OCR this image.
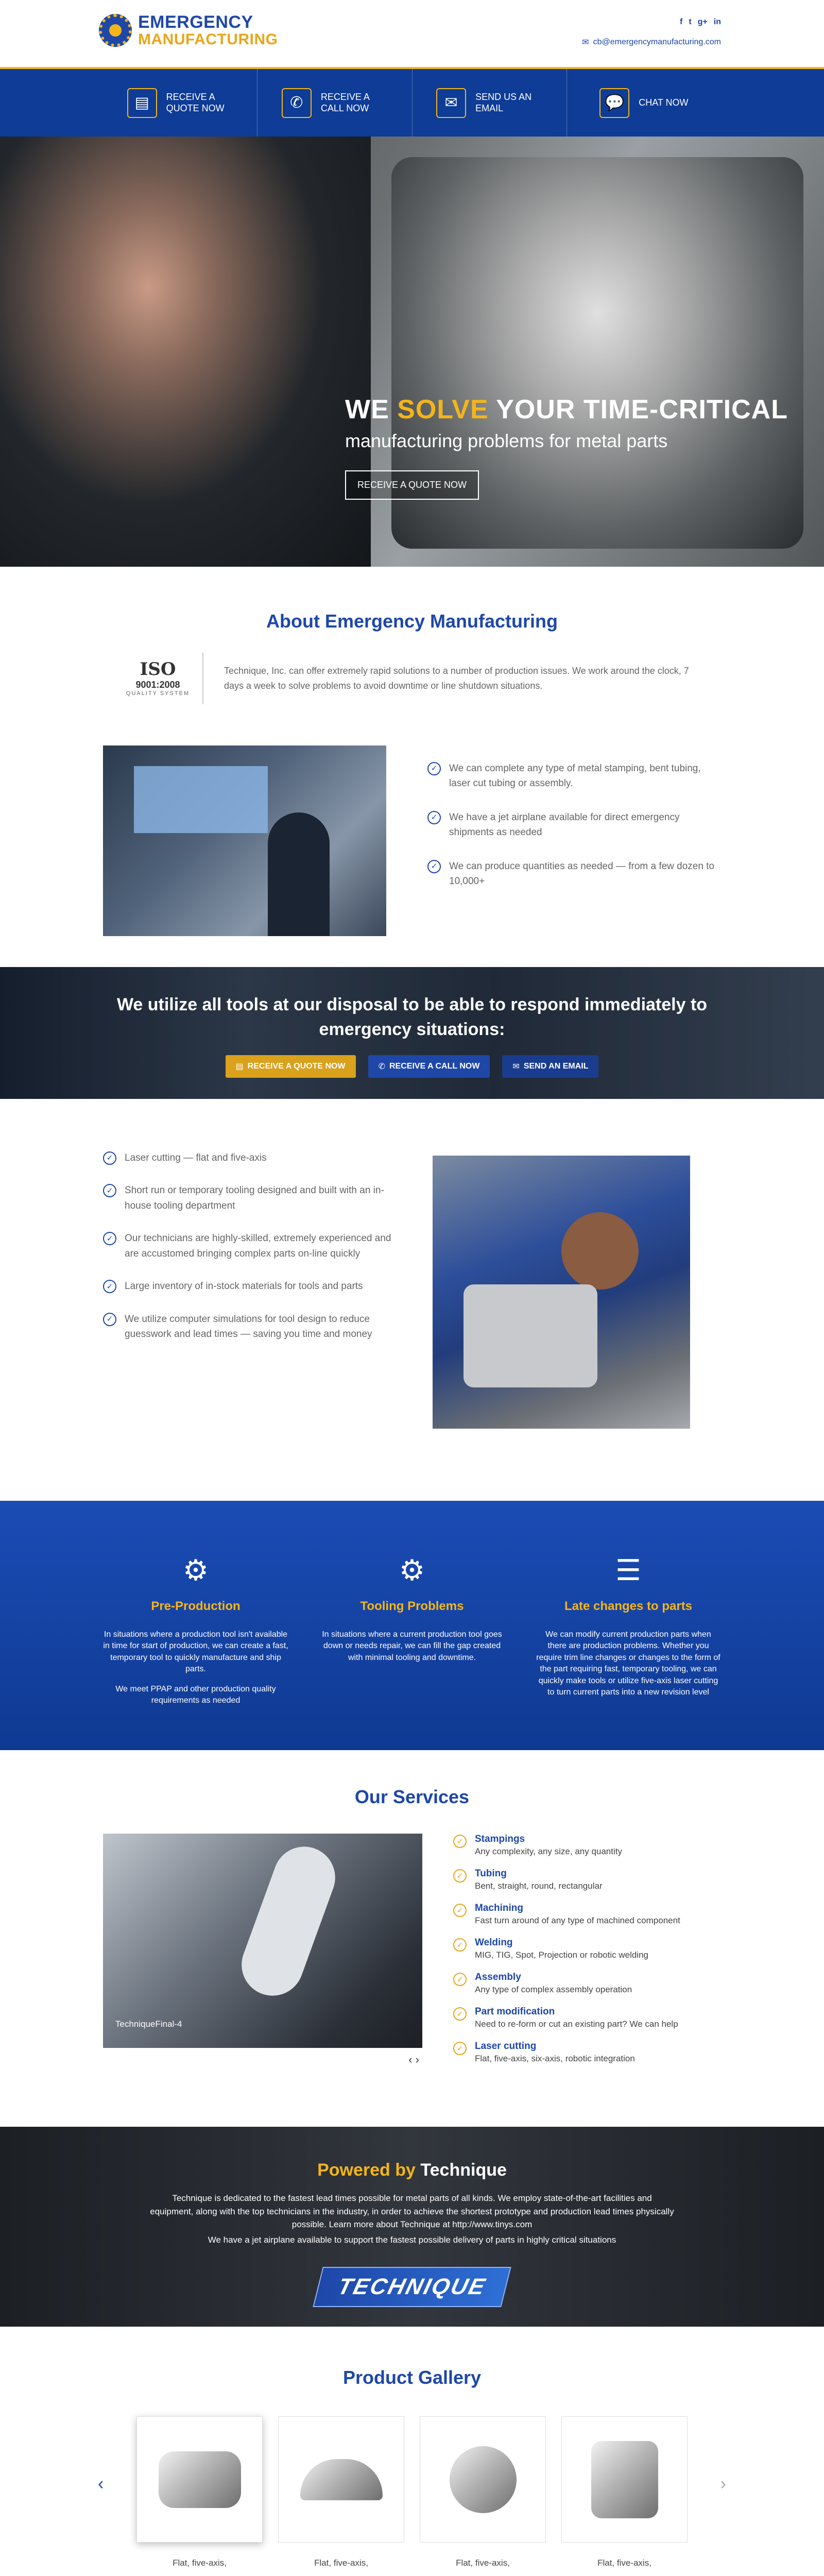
EMERGENCY
MANUFACTURING
f t g+ in
✉ cb@emergencymanufacturing.com
▤	RECEIVE A QUOTE NOW	✆	RECEIVE A CALL NOW	✉	SEND US AN EMAIL	💬	CHAT NOW
WE SOLVE YOUR TIME-CRITICAL
manufacturing problems for metal parts
RECEIVE A QUOTE NOW
About Emergency Manufacturing
ISO
9001:2008
QUALITY SYSTEM

Technique, Inc. can offer extremely rapid solutions to a number of production issues. We work around the clock, 7 days a week to solve problems to avoid downtime or line shutdown situations.

✓	We can complete any type of metal stamping, bent tubing, laser cut tubing or assembly.
✓	We have a jet airplane available for direct emergency shipments as needed
✓	We can produce quantities as needed — from a few dozen to 10,000+
We utilize all tools at our disposal to be able to respond immediately to emergency situations:
▤ RECEIVE A QUOTE NOW	✆ RECEIVE A CALL NOW	✉ SEND AN EMAIL
✓	Laser cutting — flat and five-axis
✓	Short run or temporary tooling designed and built with an in-house tooling department
✓	Our technicians are highly-skilled, extremely experienced and are accustomed bringing complex parts on-line quickly
✓	Large inventory of in-stock materials for tools and parts
✓	We utilize computer simulations for tool design to reduce guesswork and lead times — saving you time and money
⚙
Pre-Production

In situations where a production tool isn't available in time for start of production, we can create a fast, temporary tool to quickly manufacture and ship parts.

We meet PPAP and other production quality requirements as needed

⚙
Tooling Problems

In situations where a current production tool goes down or needs repair, we can fill the gap created with minimal tooling and downtime.

☰
Late changes to parts

We can modify current production parts when there are production problems. Whether you require trim line changes or changes to the form of the part requiring fast, temporary tooling, we can quickly make tools or utilize five-axis laser cutting to turn current parts into a new revision level

Our Services
TechniqueFinal-4
‹ ›
✓	Stampings
Any complexity, any size, any quantity
✓	Tubing
Bent, straight, round, rectangular
✓	Machining
Fast turn around of any type of machined component
✓	Welding
MIG, TIG, Spot, Projection or robotic welding
✓	Assembly
Any type of complex assembly operation
✓	Part modification
Need to re-form or cut an existing part? We can help
✓	Laser cutting
Flat, five-axis, six-axis, robotic integration
Powered by Technique

Technique is dedicated to the fastest lead times possible for metal parts of all kinds. We employ state-of-the-art facilities and equipment, along with the top technicians in the industry, in order to achieve the shortest prototype and production lead times physically possible. Learn more about Technique at http://www.tinys.com

We have a jet airplane available to support the fastest possible delivery of parts in highly critical situations

TECHNIQUE
Product Gallery
‹
Flat, five-axis,	Flat, five-axis,	Flat, five-axis,	Flat, five-axis,
›
